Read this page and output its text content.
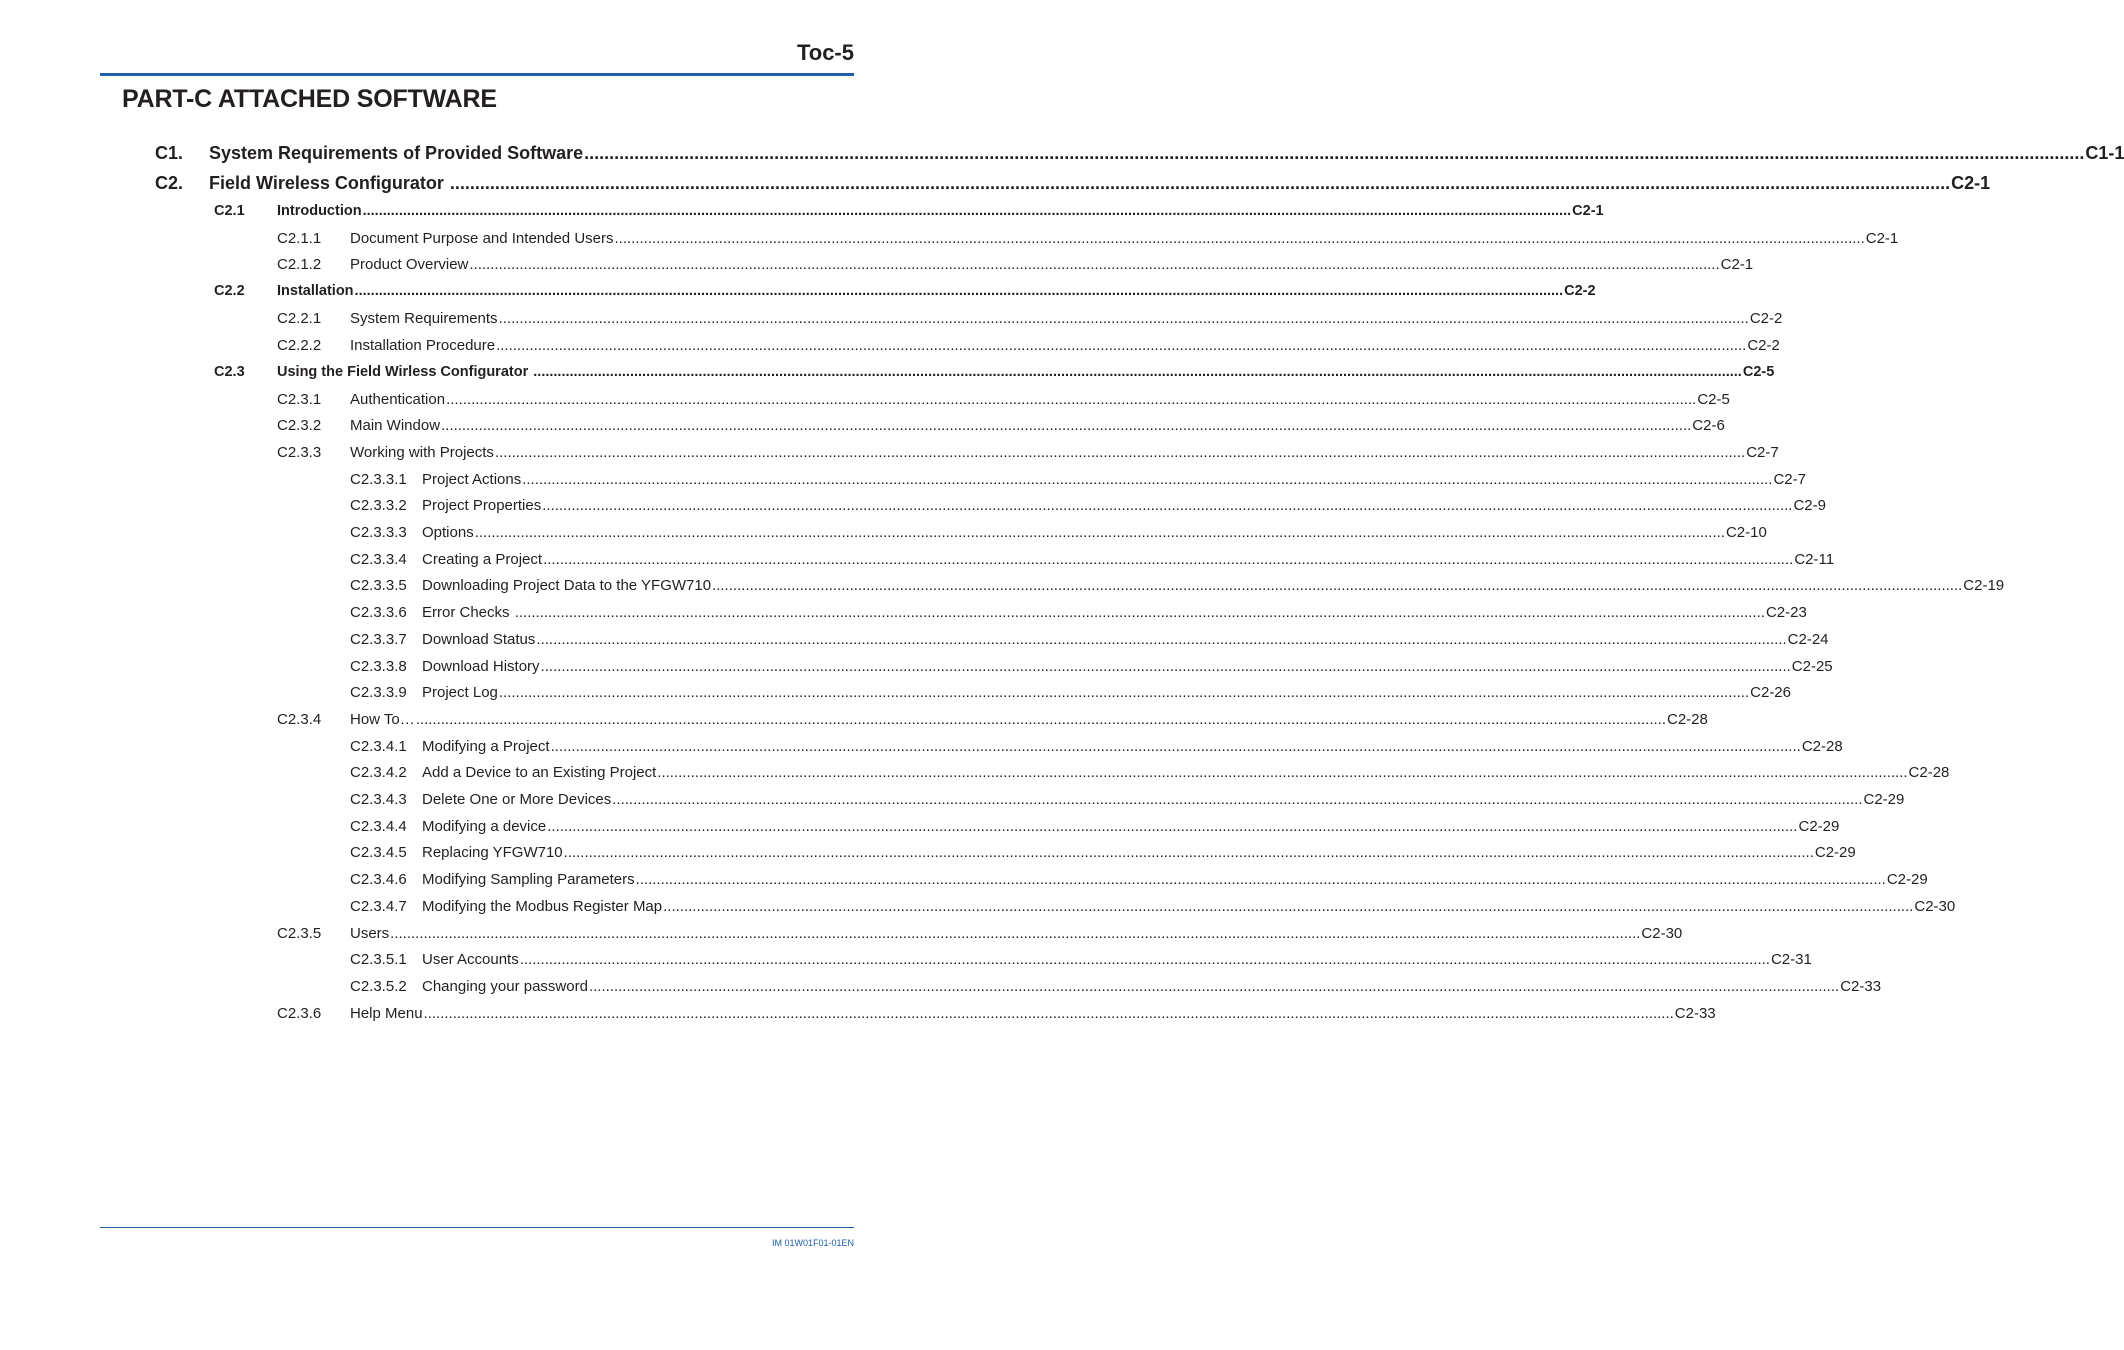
Toc-5
PART-C ATTACHED SOFTWARE
C1. System Requirements of Provided Software .....	C1-1
C2. Field Wireless Configurator .....	C2-1
C2.1 Introduction .....	C2-1
C2.1.1 Document Purpose and Intended Users .....	C2-1
C2.1.2 Product Overview .....	C2-1
C2.2 Installation .....	C2-2
C2.2.1 System Requirements .....	C2-2
C2.2.2 Installation Procedure .....	C2-2
C2.3 Using the Field Wirless Configurator .....	C2-5
C2.3.1 Authentication .....	C2-5
C2.3.2 Main Window .....	C2-6
C2.3.3 Working with Projects .....	C2-7
C2.3.3.1 Project Actions .....	C2-7
C2.3.3.2 Project Properties .....	C2-9
C2.3.3.3 Options .....	C2-10
C2.3.3.4 Creating a Project .....	C2-11
C2.3.3.5 Downloading Project Data to the YFGW710 .....	C2-19
C2.3.3.6 Error Checks .....	C2-23
C2.3.3.7 Download Status .....	C2-24
C2.3.3.8 Download History .....	C2-25
C2.3.3.9 Project Log .....	C2-26
C2.3.4 How To… .....	C2-28
C2.3.4.1 Modifying a Project .....	C2-28
C2.3.4.2 Add a Device to an Existing Project .....	C2-28
C2.3.4.3 Delete One or More Devices .....	C2-29
C2.3.4.4 Modifying a device .....	C2-29
C2.3.4.5 Replacing YFGW710 .....	C2-29
C2.3.4.6 Modifying Sampling Parameters .....	C2-29
C2.3.4.7 Modifying the Modbus Register Map .....	C2-30
C2.3.5 Users .....	C2-30
C2.3.5.1 User Accounts .....	C2-31
C2.3.5.2 Changing your password .....	C2-33
C2.3.6 Help Menu .....	C2-33
IM 01W01F01-01EN
